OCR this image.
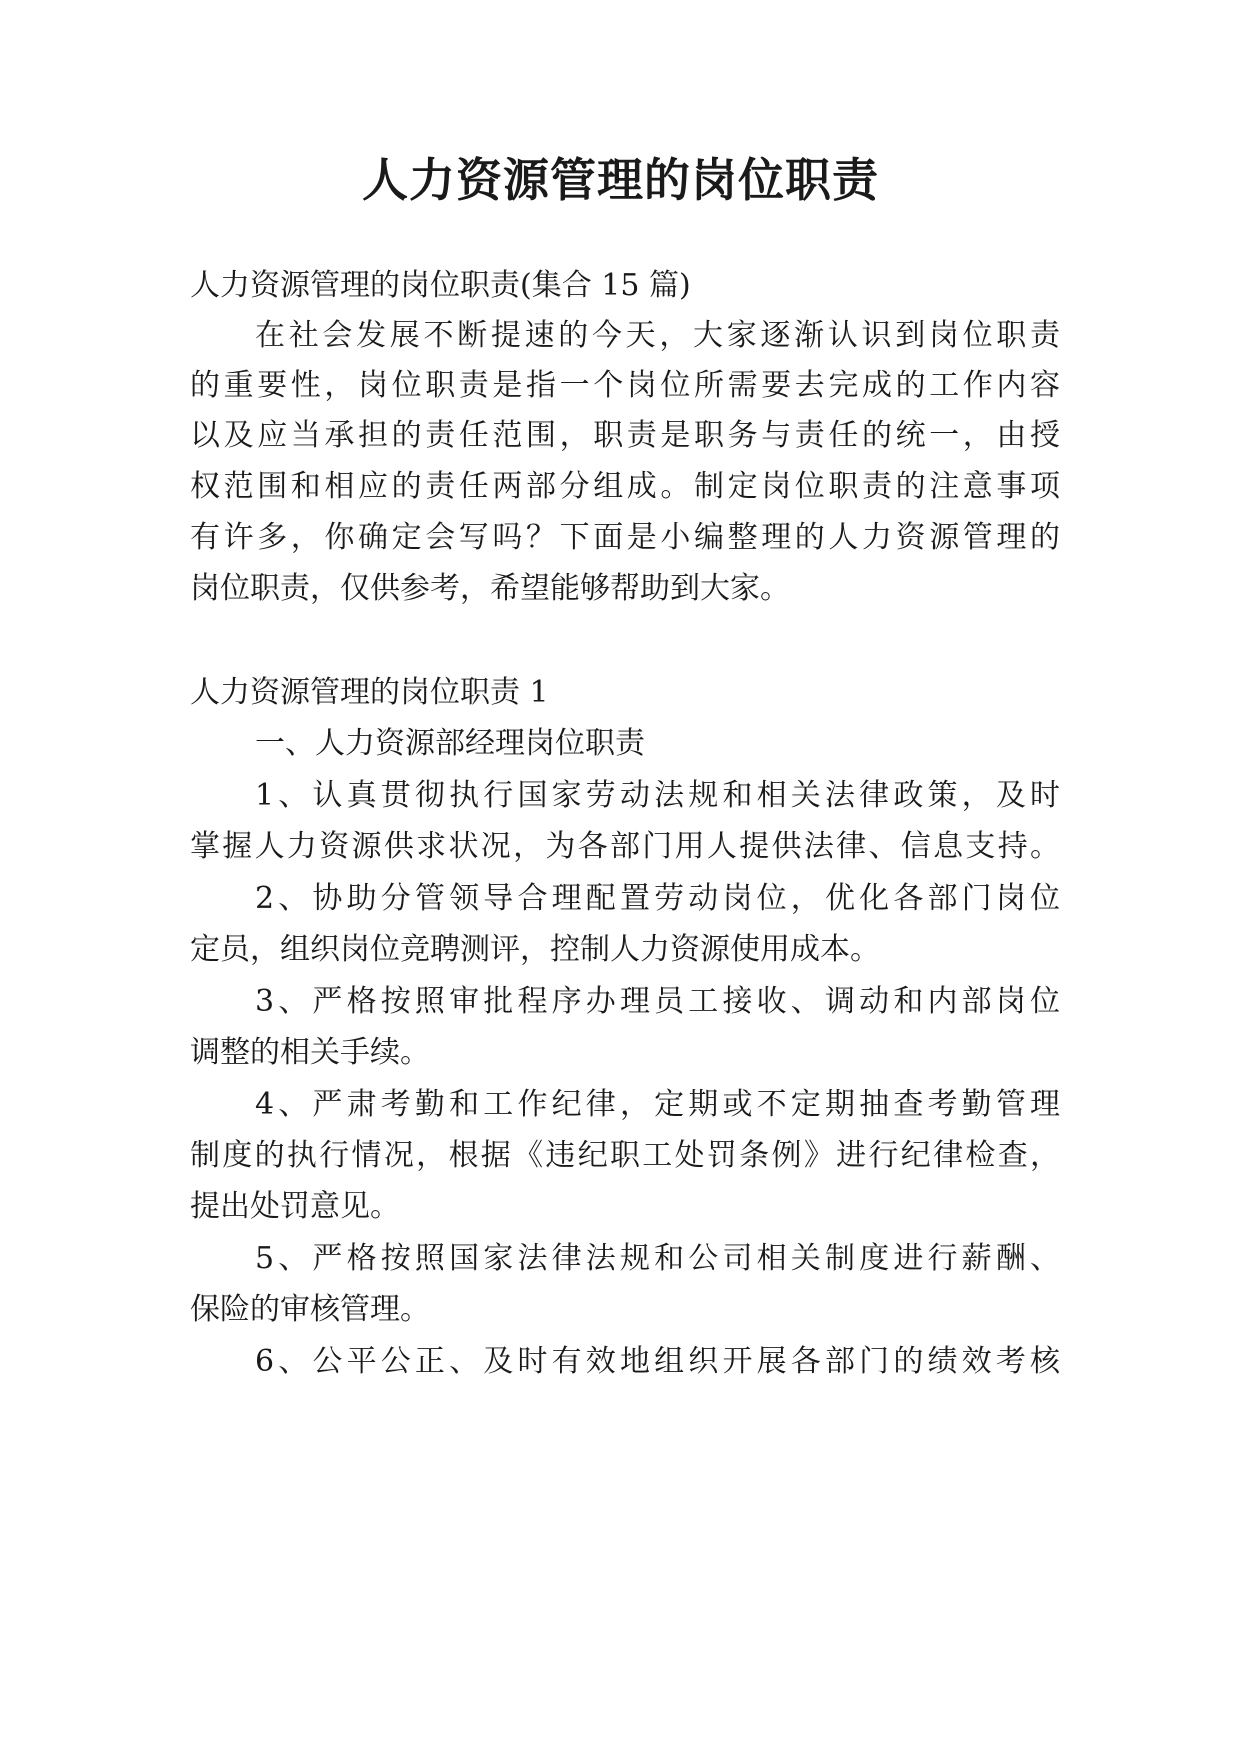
人力资源管理的岗位职责

人力资源管理的岗位职责(集合 15 篇)

在社会发展不断提速的今天，大家逐渐认识到岗位职责

的重要性，岗位职责是指一个岗位所需要去完成的工作内容

以及应当承担的责任范围，职责是职务与责任的统一，由授

权范围和相应的责任两部分组成。制定岗位职责的注意事项

有许多，你确定会写吗？下面是小编整理的人力资源管理的

岗位职责，仅供参考，希望能够帮助到大家。

人力资源管理的岗位职责 1

一、人力资源部经理岗位职责

1、认真贯彻执行国家劳动法规和相关法律政策，及时

掌握人力资源供求状况，为各部门用人提供法律、信息支持。

2、协助分管领导合理配置劳动岗位，优化各部门岗位

定员，组织岗位竞聘测评，控制人力资源使用成本。

3、严格按照审批程序办理员工接收、调动和内部岗位

调整的相关手续。

4、严肃考勤和工作纪律，定期或不定期抽查考勤管理

制度的执行情况，根据《违纪职工处罚条例》进行纪律检查，

提出处罚意见。

5、严格按照国家法律法规和公司相关制度进行薪酬、

保险的审核管理。

6、公平公正、及时有效地组织开展各部门的绩效考核
